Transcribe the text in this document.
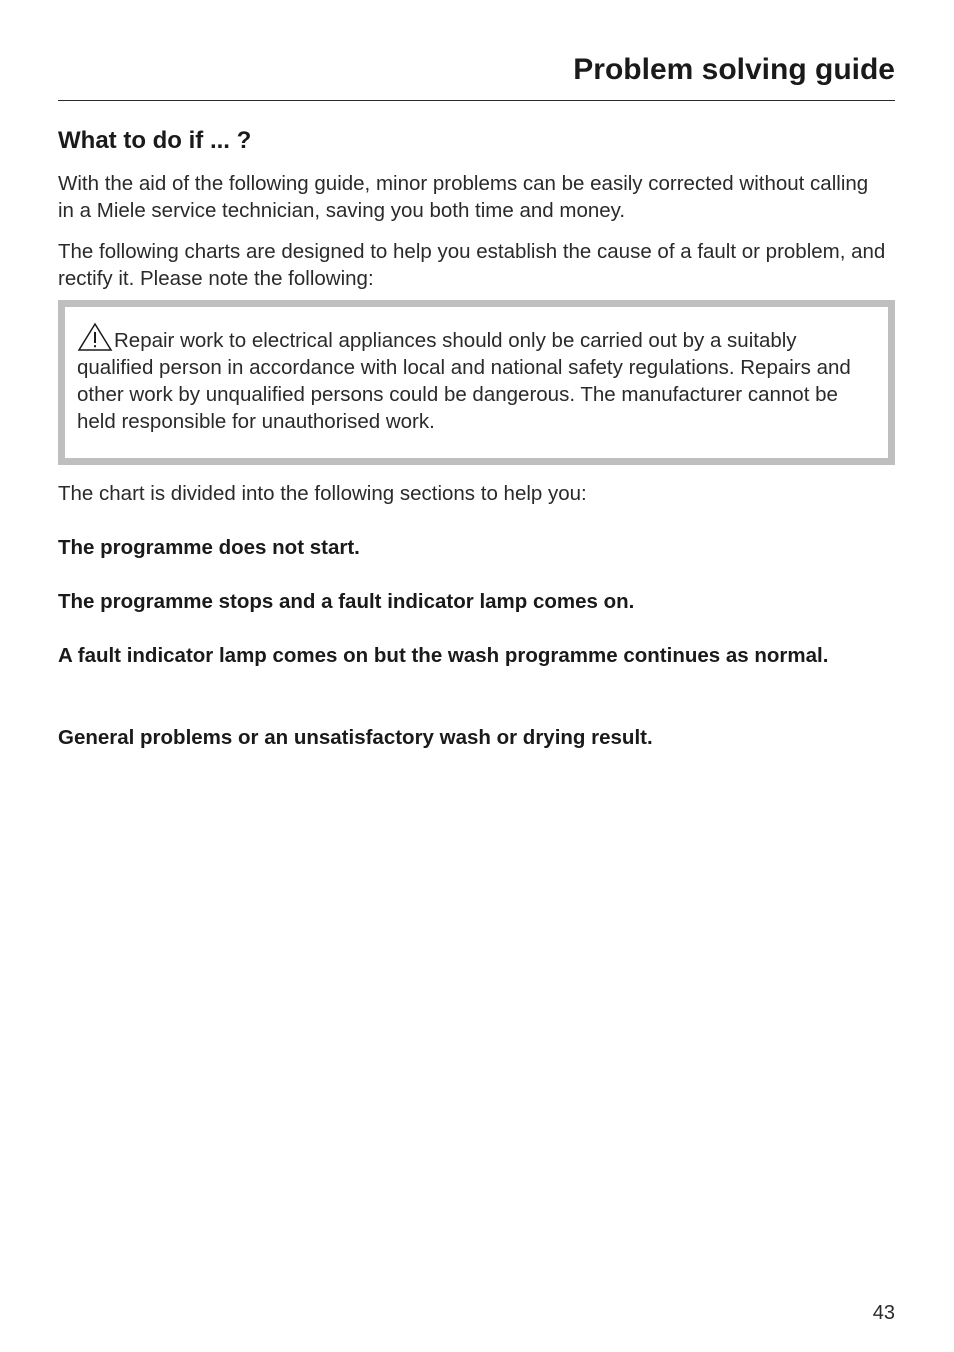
Problem solving guide
What to do if ... ?

With the aid of the following guide, minor problems can be easily corrected without calling in a Miele service technician, saving you both time and money.

The following charts are designed to help you establish the cause of a fault or problem, and rectify it. Please note the following:

Repair work to electrical appliances should only be carried out by a suitably qualified person in accordance with local and national safety regulations. Repairs and other work by unqualified persons could be dangerous. The manufacturer cannot be held responsible for unauthorised work.

The chart is divided into the following sections to help you:

The programme does not start.

The programme stops and a fault indicator lamp comes on.

A fault indicator lamp comes on but the wash programme continues as normal.

General problems or an unsatisfactory wash or drying result.

43
